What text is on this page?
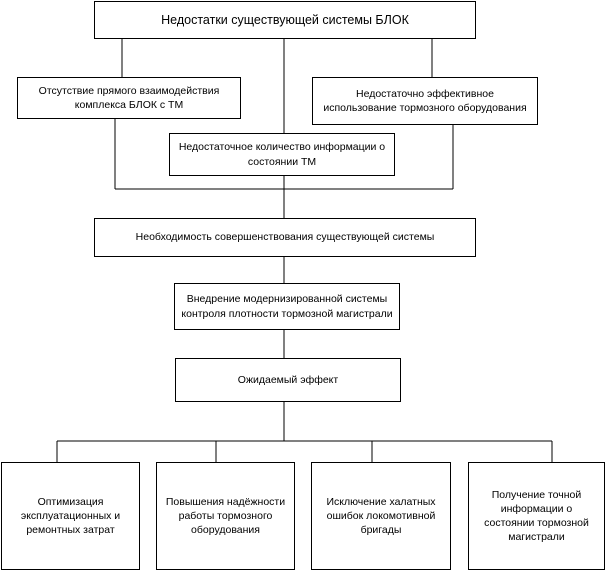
Недостатки существующей системы БЛОК
Отсутствие прямого взаимодействия комплекса БЛОК с ТМ
Недостаточно эффективное использование тормозного оборудования
Недостаточное количество информации о состоянии ТМ
Необходимость совершенствования существующей системы
Внедрение модернизированной системы контроля плотности тормозной магистрали
Ожидаемый эффект
Оптимизация эксплуатационных и ремонтных затрат
Повышения надёжности работы тормозного оборудования
Исключение халатных ошибок локомотивной бригады
Получение точной информации о состоянии тормозной магистрали
